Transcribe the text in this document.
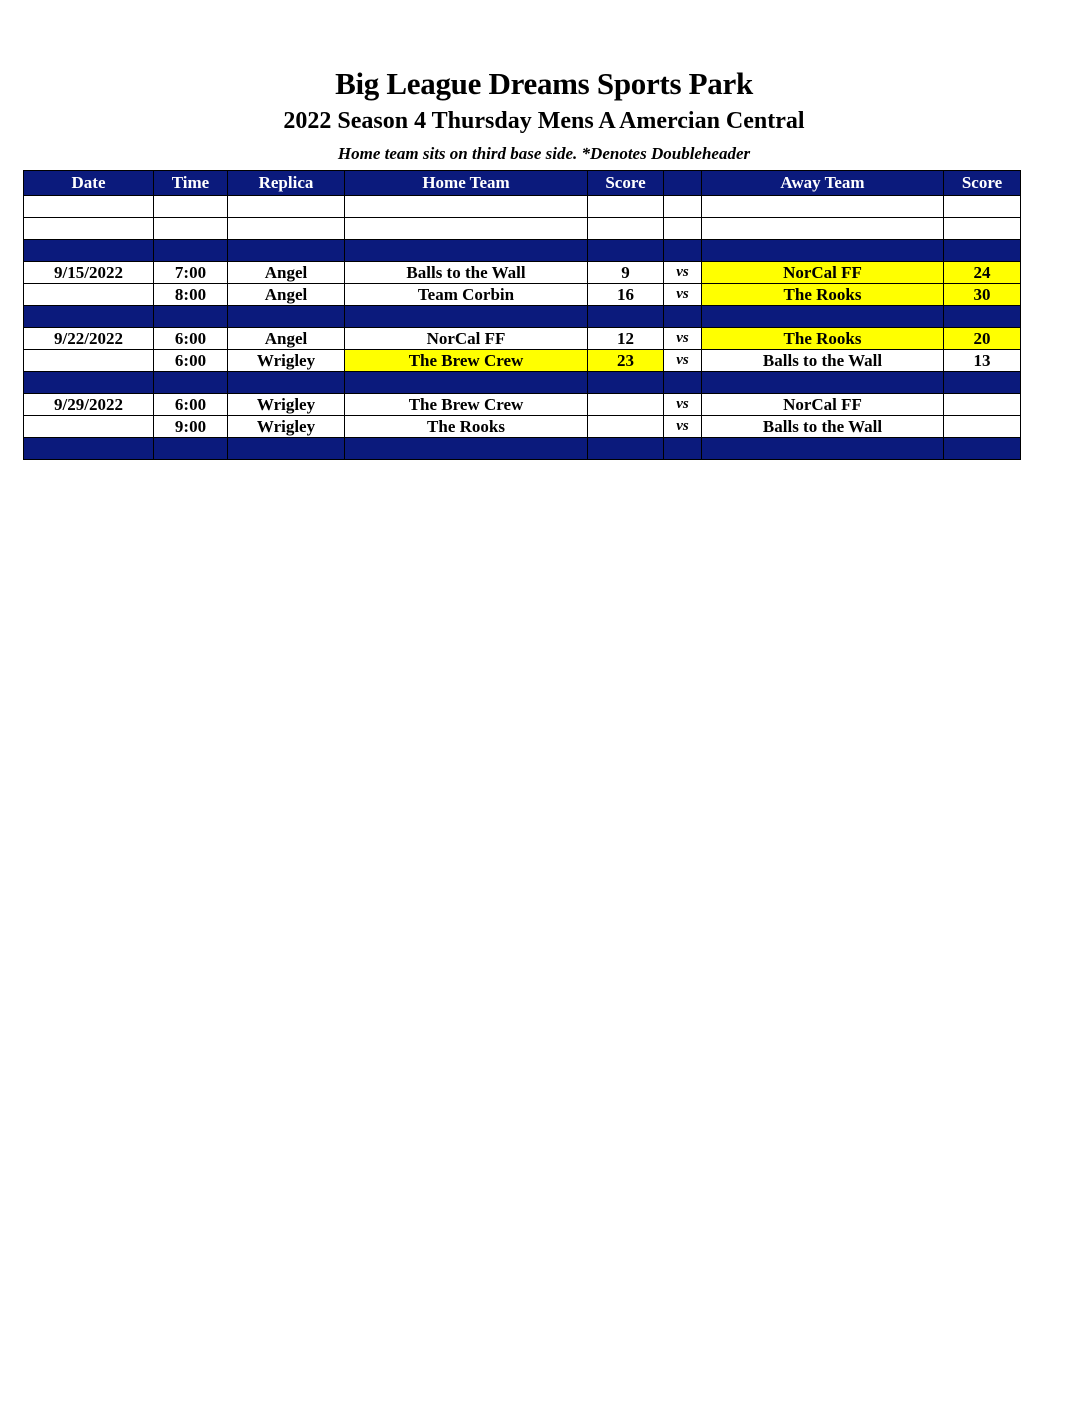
Big League Dreams Sports Park
2022 Season 4 Thursday Mens A Amercian Central
Home team sits on third base side. *Denotes Doubleheader
Date	Time	Replica	Home Team	Score		Away Team	Score

9/15/2022	7:00	Angel	Balls to the Wall	9	vs	NorCal FF	24
	8:00	Angel	Team Corbin	16	vs	The Rooks	30

9/22/2022	6:00	Angel	NorCal FF	12	vs	The Rooks	20
	6:00	Wrigley	The Brew Crew	23	vs	Balls to the Wall	13

9/29/2022	6:00	Wrigley	The Brew Crew		vs	NorCal FF	
	9:00	Wrigley	The Rooks		vs	Balls to the Wall	
